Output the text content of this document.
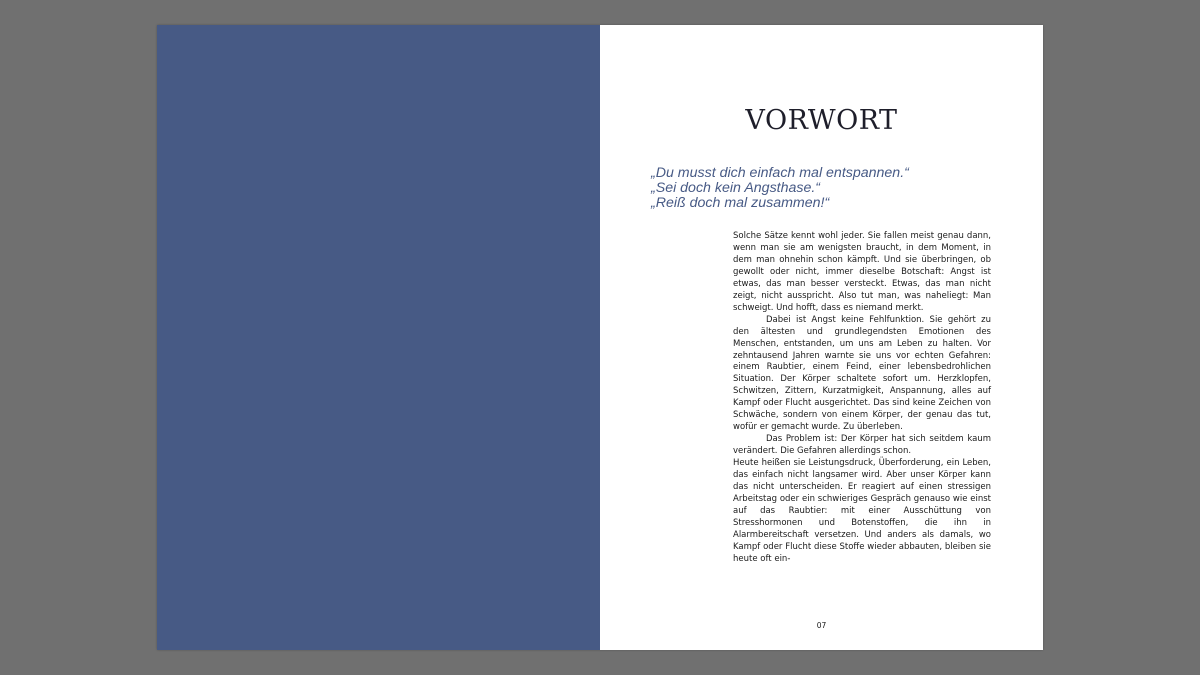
VORWORT
„Du musst dich einfach mal entspannen.“
„Sei doch kein Angsthase.“
„Reiß doch mal zusammen!“

Solche Sätze kennt wohl jeder. Sie fallen meist genau dann, wenn man sie am wenigsten braucht, in dem Moment, in dem man ohnehin schon kämpft. Und sie überbringen, ob gewollt oder nicht, immer dieselbe Botschaft: Angst ist etwas, das man besser versteckt. Etwas, das man nicht zeigt, nicht ausspricht. Also tut man, was naheliegt: Man schweigt. Und hofft, dass es niemand merkt.

Dabei ist Angst keine Fehlfunktion. Sie gehört zu den ältesten und grundlegendsten Emotionen des Menschen, entstanden, um uns am Leben zu halten. Vor zehntausend Jahren warnte sie uns vor echten Gefahren: einem Raubtier, einem Feind, einer lebensbedrohlichen Situation. Der Körper schaltete sofort um. Herzklopfen, Schwitzen, Zittern, Kurzatmigkeit, Anspannung, alles auf Kampf oder Flucht ausgerichtet. Das sind keine Zeichen von Schwäche, sondern von einem Körper, der genau das tut, wofür er gemacht wurde. Zu überleben.

Das Problem ist: Der Körper hat sich seitdem kaum verändert. Die Gefahren allerdings schon.

Heute heißen sie Leistungsdruck, Überforderung, ein Leben, das einfach nicht langsamer wird. Aber unser Körper kann das nicht unterscheiden. Er reagiert auf einen stressigen Arbeitstag oder ein schwieriges Gespräch genauso wie einst auf das Raubtier: mit einer Ausschüttung von Stresshormonen und Botenstoffen, die ihn in Alarmbereitschaft versetzen. Und anders als damals, wo Kampf oder Flucht diese Stoffe wieder abbauten, bleiben sie heute oft ein-

07
